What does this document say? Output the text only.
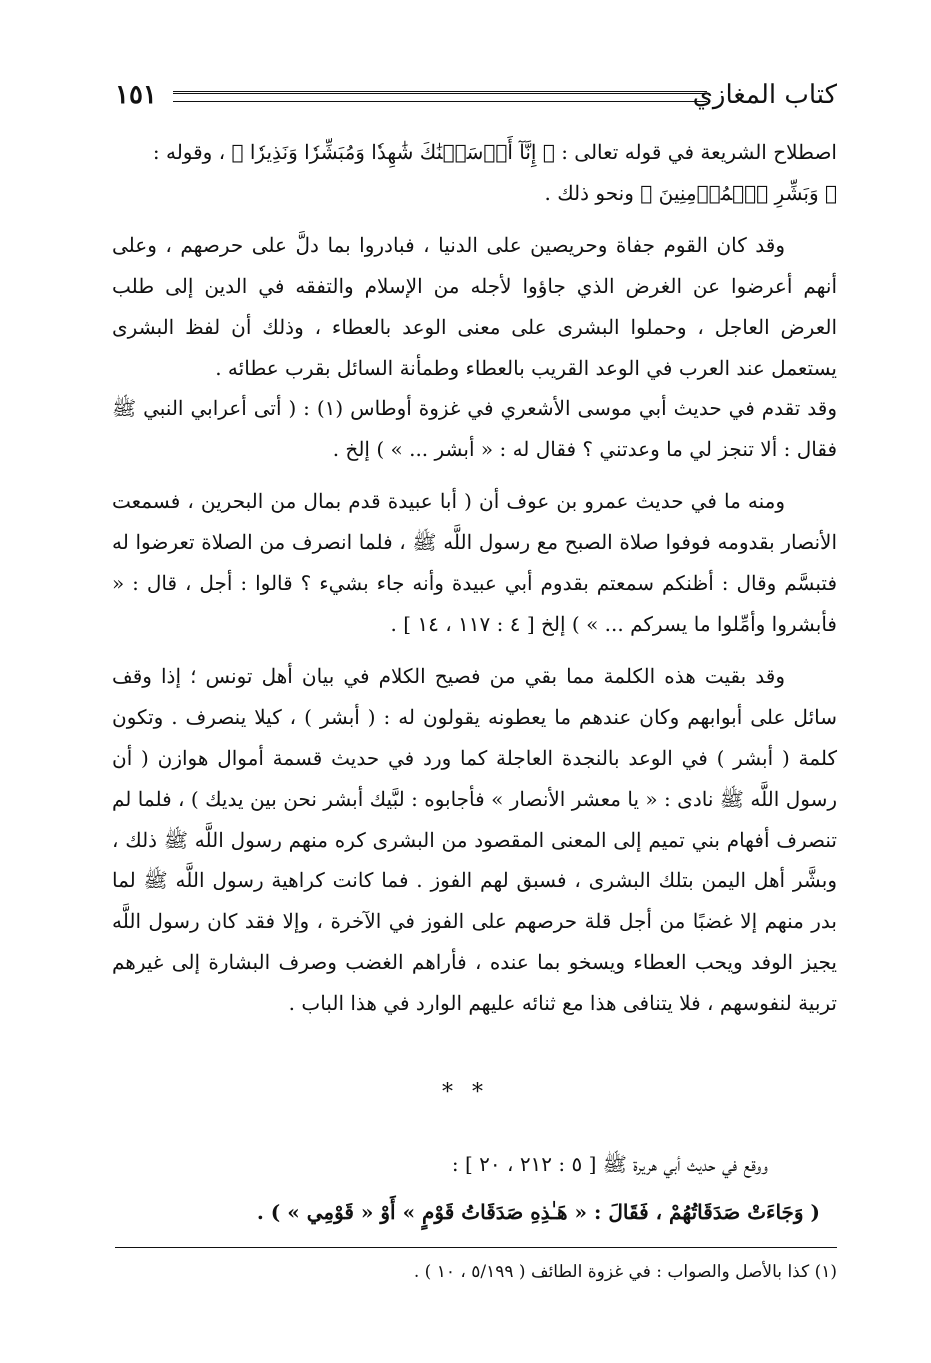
كتاب المغازي
١٥١

اصطلاح الشريعة في قوله تعالى : ﴿ إِنَّآ أَرۡسَلۡنَٰكَ شَٰهِدٗا وَمُبَشِّرٗا وَنَذِيرٗا ﴾ ، وقوله :
﴿ وَبَشِّرِ ٱلۡمُؤۡمِنِينَ ﴾ ونحو ذلك .

وقد كان القوم جفاة وحريصين على الدنيا ، فبادروا بما دلَّ على حرصهم ، وعلى أنهم أعرضوا عن الغرض الذي جاؤوا لأجله من الإسلام والتفقه في الدين إلى طلب العرض العاجل ، وحملوا البشرى على معنى الوعد بالعطاء ، وذلك أن لفظ البشرى يستعمل عند العرب في الوعد القريب بالعطاء وطمأنة السائل بقرب عطائه .
وقد تقدم في حديث أبي موسى الأشعري في غزوة أوطاس (١) : ( أتى أعرابي النبي ﷺ فقال : ألا تنجز لي ما وعدتني ؟ فقال له : « أبشر ... » ) إلخ .

ومنه ما في حديث عمرو بن عوف أن ( أبا عبيدة قدم بمال من البحرين ، فسمعت الأنصار بقدومه فوفوا صلاة الصبح مع رسول اللَّه ﷺ ، فلما انصرف من الصلاة تعرضوا له فتبسَّم وقال : أظنكم سمعتم بقدوم أبي عبيدة وأنه جاء بشيء ؟ قالوا : أجل ، قال : « فأبشروا وأمِّلوا ما يسركم ... » ) إلخ [ ٤ : ١١٧ ، ١٤ ] .

وقد بقيت هذه الكلمة مما بقي من فصيح الكلام في بيان أهل تونس ؛ إذا وقف سائل على أبوابهم وكان عندهم ما يعطونه يقولون له : ( أبشر ) ، كيلا ينصرف . وتكون كلمة ( أبشر ) في الوعد بالنجدة العاجلة كما ورد في حديث قسمة أموال هوازن ( أن رسول اللَّه ﷺ نادى : « يا معشر الأنصار » فأجابوه : لبَّيك أبشر نحن بين يديك ) ، فلما لم تنصرف أفهام بني تميم إلى المعنى المقصود من البشرى كره منهم رسول اللَّه ﷺ ذلك ، وبشَّر أهل اليمن بتلك البشرى ، فسبق لهم الفوز . فما كانت كراهية رسول اللَّه ﷺ لما بدر منهم إلا غضبًا من أجل قلة حرصهم على الفوز في الآخرة ، وإلا فقد كان رسول اللَّه يجيز الوفد ويحب العطاء ويسخو بما عنده ، فأراهم الغضب وصرف البشارة إلى غيرهم تربية لنفوسهم ، فلا يتنافى هذا مع ثنائه عليهم الوارد في هذا الباب .

* *

ووقع في حديث أبي هريرة ﷺ [ ٥ : ٢١٢ ، ٢٠ ] :

( وَجَاءَتْ صَدَقَاتُهُمْ ، فَقَالَ : « هَـٰذِهِ صَدَقَاتُ قَوْمٍ » أَوْ « قَوْمِي » ) .

(١) كذا بالأصل والصواب : في غزوة الطائف ( ٥/١٩٩ ، ١٠ ) .
